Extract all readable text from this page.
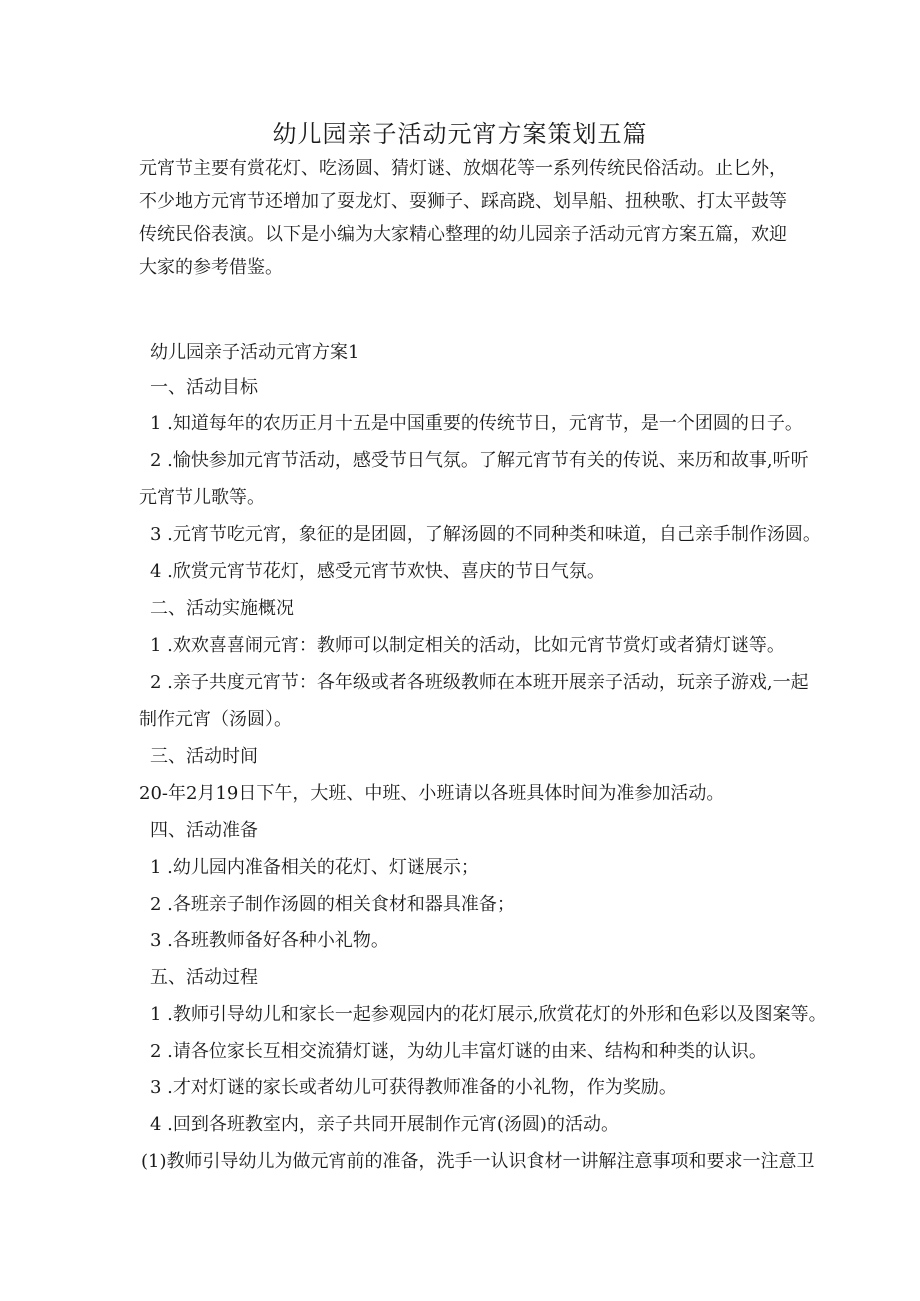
幼儿园亲子活动元宵方案策划五篇

元宵节主要有赏花灯、吃汤圆、猜灯谜、放烟花等一系列传统民俗活动。止匕外，不少地方元宵节还增加了耍龙灯、耍狮子、踩高跷、划旱船、扭秧歌、打太平鼓等传统民俗表演。以下是小编为大家精心整理的幼儿园亲子活动元宵方案五篇，欢迎大家的参考借鉴。

幼儿园亲子活动元宵方案1
一、活动目标
1 .知道每年的农历正月十五是中国重要的传统节日，元宵节，是一个团圆的日子。
2 .愉快参加元宵节活动，感受节日气氛。了解元宵节有关的传说、来历和故事,听听
元宵节儿歌等。
3 .元宵节吃元宵，象征的是团圆，了解汤圆的不同种类和味道，自己亲手制作汤圆。
4 .欣赏元宵节花灯，感受元宵节欢快、喜庆的节日气氛。
二、活动实施概况
1 .欢欢喜喜闹元宵：教师可以制定相关的活动，比如元宵节赏灯或者猜灯谜等。
2 .亲子共度元宵节：各年级或者各班级教师在本班开展亲子活动，玩亲子游戏,一起
制作元宵（汤圆）。
三、活动时间
20-年2月19日下午，大班、中班、小班请以各班具体时间为准参加活动。
四、活动准备
1 .幼儿园内准备相关的花灯、灯谜展示；
2 .各班亲子制作汤圆的相关食材和器具准备；
3 .各班教师备好各种小礼物。
五、活动过程
1 .教师引导幼儿和家长一起参观园内的花灯展示,欣赏花灯的外形和色彩以及图案等。
2 .请各位家长互相交流猜灯谜，为幼儿丰富灯谜的由来、结构和种类的认识。
3 .才对灯谜的家长或者幼儿可获得教师准备的小礼物，作为奖励。
4 .回到各班教室内，亲子共同开展制作元宵(汤圆)的活动。
(1)教师引导幼儿为做元宵前的准备，洗手一认识食材一讲解注意事项和要求一注意卫
